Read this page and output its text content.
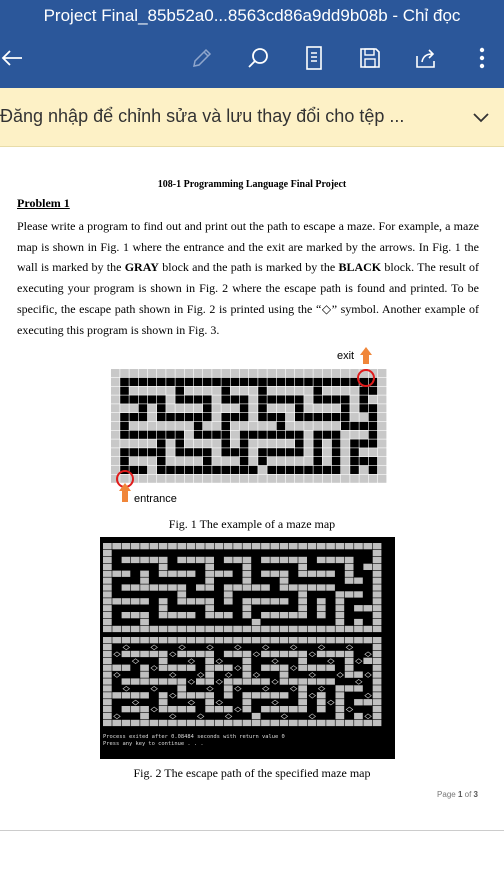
Project Final_85b52a0...8563cd86a9dd9b08b - Chỉ đọc
Đăng nhập để chỉnh sửa và lưu thay đổi cho tệp ...
108-1 Programming Language Final Project
Problem 1
Please write a program to find out and print out the path to escape a maze. For example, a maze map is shown in Fig. 1 where the entrance and the exit are marked by the arrows. In Fig. 1 the wall is marked by the GRAY block and the path is marked by the BLACK block. The result of executing your program is shown in Fig. 2 where the escape path is found and printed. To be specific, the escape path shown in Fig. 2 is printed using the “◇” symbol. Another example of executing this program is shown in Fig. 3.
exit
entrance
Fig. 1 The example of a maze map
Process exited after 0.08484 seconds with return value 0
Press any key to continue . . .
Fig. 2 The escape path of the specified maze map
Page 1 of 3
